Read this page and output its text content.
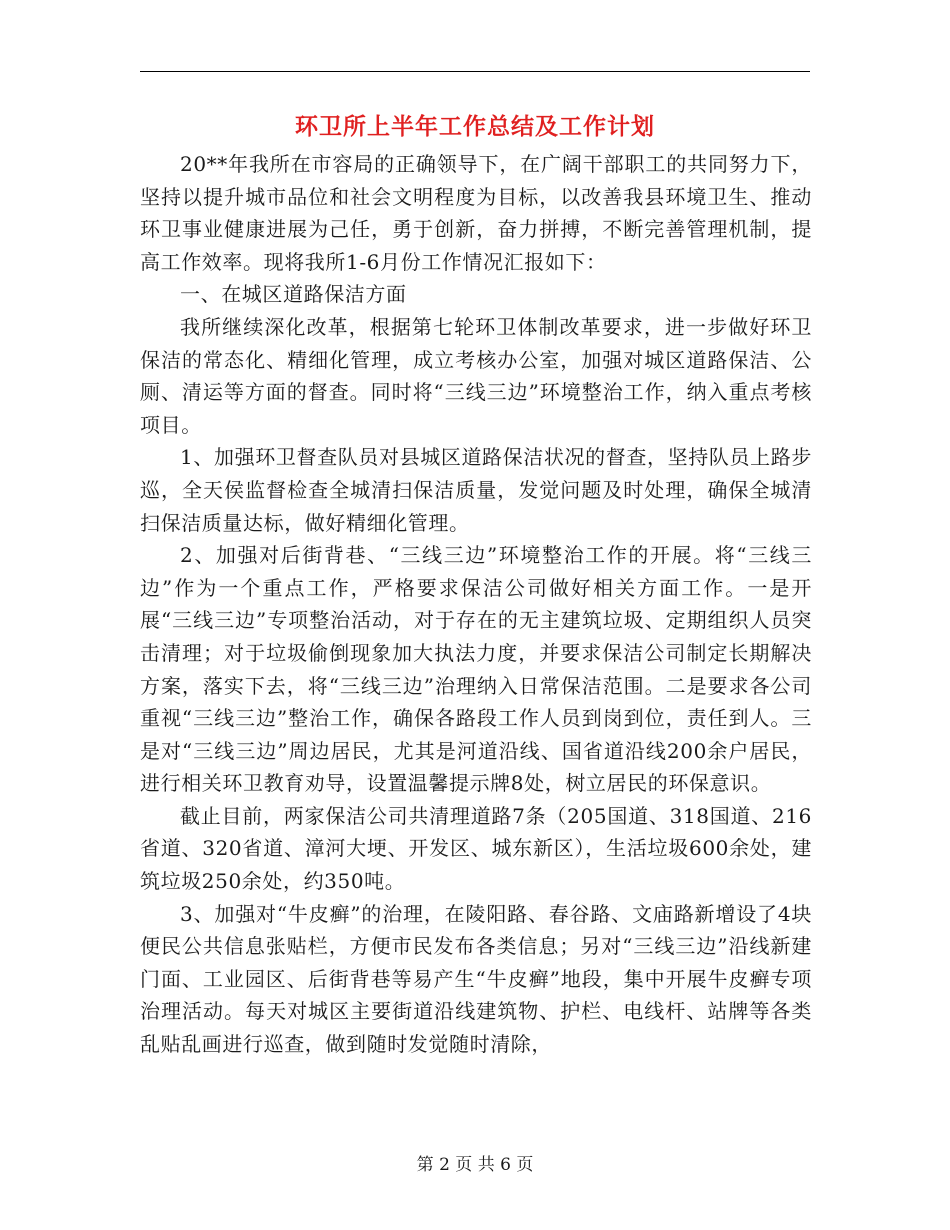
环卫所上半年工作总结及工作计划

20**年我所在市容局的正确领导下，在广阔干部职工的共同努力下，坚持以提升城市品位和社会文明程度为目标，以改善我县环境卫生、推动环卫事业健康进展为己任，勇于创新，奋力拼搏，不断完善管理机制，提高工作效率。现将我所1-6月份工作情况汇报如下：

一、在城区道路保洁方面

我所继续深化改革，根据第七轮环卫体制改革要求，进一步做好环卫保洁的常态化、精细化管理，成立考核办公室，加强对城区道路保洁、公厕、清运等方面的督查。同时将“三线三边”环境整治工作，纳入重点考核项目。

1、加强环卫督查队员对县城区道路保洁状况的督查，坚持队员上路步巡，全天侯监督检查全城清扫保洁质量，发觉问题及时处理，确保全城清扫保洁质量达标，做好精细化管理。

2、加强对后街背巷、“三线三边”环境整治工作的开展。将“三线三边”作为一个重点工作，严格要求保洁公司做好相关方面工作。一是开展“三线三边”专项整治活动，对于存在的无主建筑垃圾、定期组织人员突击清理；对于垃圾偷倒现象加大执法力度，并要求保洁公司制定长期解决方案，落实下去，将“三线三边”治理纳入日常保洁范围。二是要求各公司重视“三线三边”整治工作，确保各路段工作人员到岗到位，责任到人。三是对“三线三边”周边居民，尤其是河道沿线、国省道沿线200余户居民，进行相关环卫教育劝导，设置温馨提示牌8处，树立居民的环保意识。

截止目前，两家保洁公司共清理道路7条（205国道、318国道、216省道、320省道、漳河大埂、开发区、城东新区），生活垃圾600余处，建筑垃圾250余处，约350吨。

3、加强对“牛皮癣”的治理，在陵阳路、春谷路、文庙路新增设了4块便民公共信息张贴栏，方便市民发布各类信息；另对“三线三边”沿线新建门面、工业园区、后街背巷等易产生“牛皮癣”地段，集中开展牛皮癣专项治理活动。每天对城区主要街道沿线建筑物、护栏、电线杆、站牌等各类乱贴乱画进行巡查，做到随时发觉随时清除，

第 2 页 共 6 页
